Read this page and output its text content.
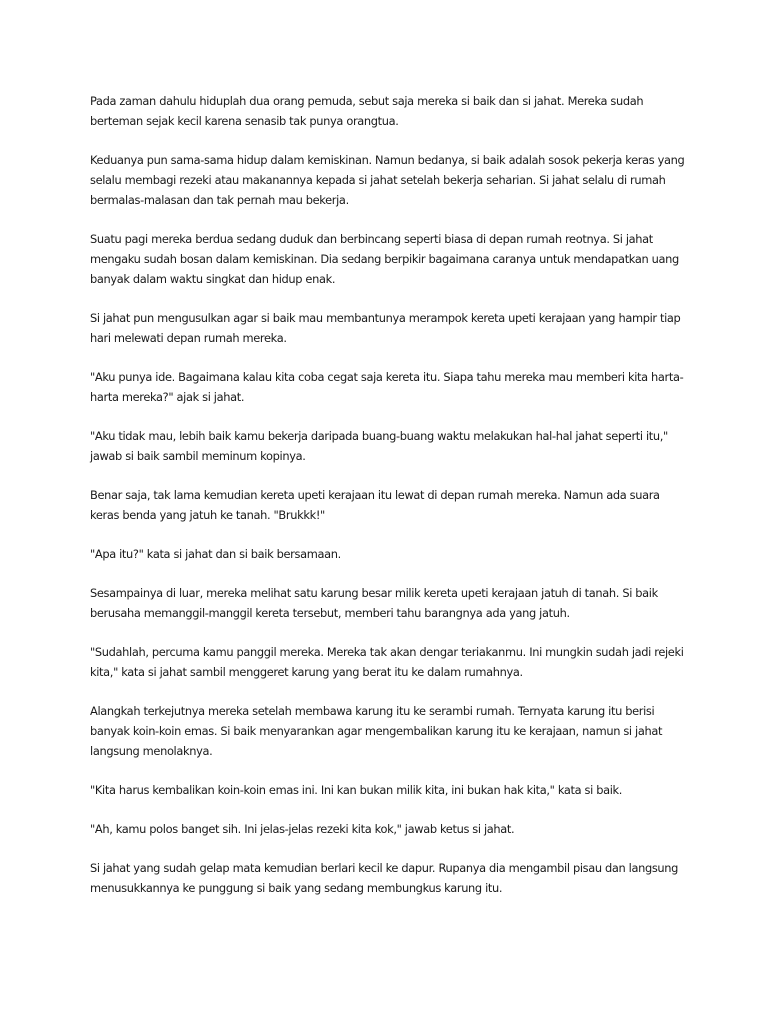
Pada zaman dahulu hiduplah dua orang pemuda, sebut saja mereka si baik dan si jahat. Mereka sudah berteman sejak kecil karena senasib tak punya orangtua.

Keduanya pun sama-sama hidup dalam kemiskinan. Namun bedanya, si baik adalah sosok pekerja keras yang selalu membagi rezeki atau makanannya kepada si jahat setelah bekerja seharian. Si jahat selalu di rumah bermalas-malasan dan tak pernah mau bekerja.

Suatu pagi mereka berdua sedang duduk dan berbincang seperti biasa di depan rumah reotnya. Si jahat mengaku sudah bosan dalam kemiskinan. Dia sedang berpikir bagaimana caranya untuk mendapatkan uang banyak dalam waktu singkat dan hidup enak.

Si jahat pun mengusulkan agar si baik mau membantunya merampok kereta upeti kerajaan yang hampir tiap hari melewati depan rumah mereka.

"Aku punya ide. Bagaimana kalau kita coba cegat saja kereta itu. Siapa tahu mereka mau memberi kita harta-harta mereka?" ajak si jahat.

"Aku tidak mau, lebih baik kamu bekerja daripada buang-buang waktu melakukan hal-hal jahat seperti itu," jawab si baik sambil meminum kopinya.

Benar saja, tak lama kemudian kereta upeti kerajaan itu lewat di depan rumah mereka. Namun ada suara keras benda yang jatuh ke tanah. "Brukkk!"

"Apa itu?" kata si jahat dan si baik bersamaan.

Sesampainya di luar, mereka melihat satu karung besar milik kereta upeti kerajaan jatuh di tanah. Si baik berusaha memanggil-manggil kereta tersebut, memberi tahu barangnya ada yang jatuh.

"Sudahlah, percuma kamu panggil mereka. Mereka tak akan dengar teriakanmu. Ini mungkin sudah jadi rejeki kita," kata si jahat sambil menggeret karung yang berat itu ke dalam rumahnya.

Alangkah terkejutnya mereka setelah membawa karung itu ke serambi rumah. Ternyata karung itu berisi banyak koin-koin emas. Si baik menyarankan agar mengembalikan karung itu ke kerajaan, namun si jahat langsung menolaknya.

"Kita harus kembalikan koin-koin emas ini. Ini kan bukan milik kita, ini bukan hak kita," kata si baik.

"Ah, kamu polos banget sih. Ini jelas-jelas rezeki kita kok," jawab ketus si jahat.

Si jahat yang sudah gelap mata kemudian berlari kecil ke dapur. Rupanya dia mengambil pisau dan langsung menusukkannya ke punggung si baik yang sedang membungkus karung itu.
